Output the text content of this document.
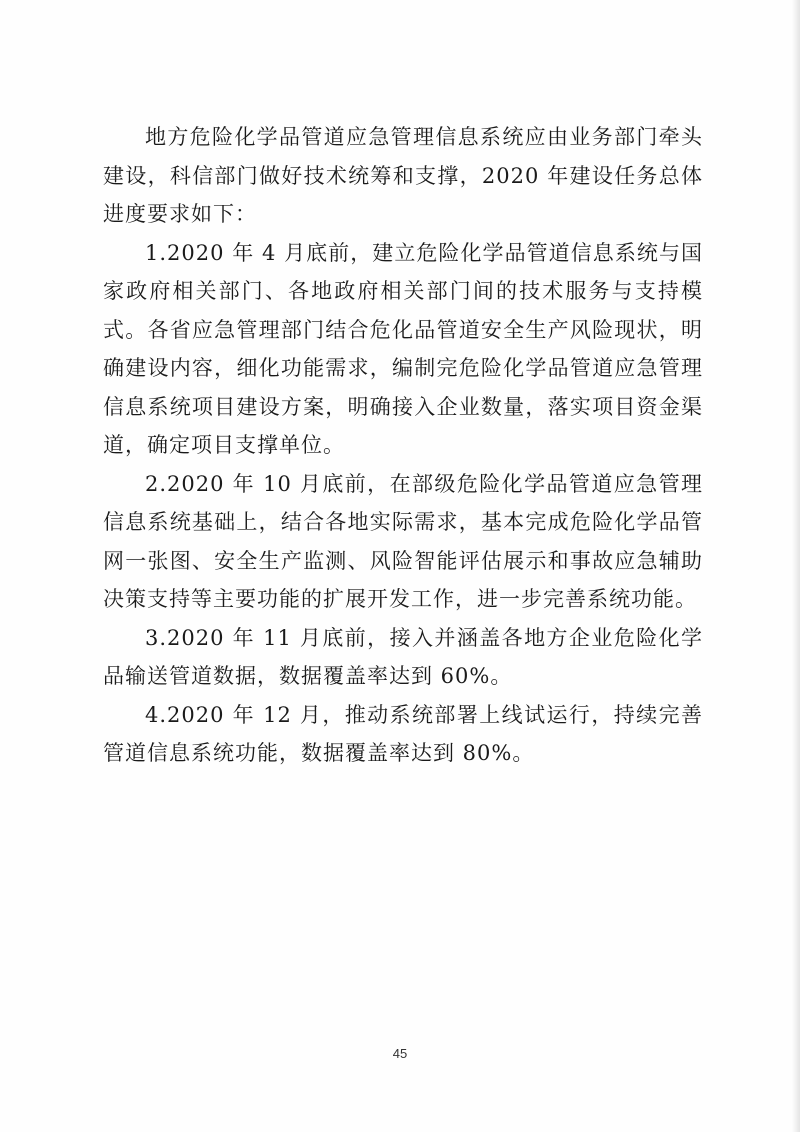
地方危险化学品管道应急管理信息系统应由业务部门牵头建设，科信部门做好技术统筹和支撑，2020 年建设任务总体进度要求如下：

1.2020 年 4 月底前，建立危险化学品管道信息系统与国家政府相关部门、各地政府相关部门间的技术服务与支持模式。各省应急管理部门结合危化品管道安全生产风险现状，明确建设内容，细化功能需求，编制完危险化学品管道应急管理信息系统项目建设方案，明确接入企业数量，落实项目资金渠道，确定项目支撑单位。

2.2020 年 10 月底前，在部级危险化学品管道应急管理信息系统基础上，结合各地实际需求，基本完成危险化学品管网一张图、安全生产监测、风险智能评估展示和事故应急辅助决策支持等主要功能的扩展开发工作，进一步完善系统功能。

3.2020 年 11 月底前，接入并涵盖各地方企业危险化学品输送管道数据，数据覆盖率达到 60%。

4.2020 年 12 月，推动系统部署上线试运行，持续完善管道信息系统功能，数据覆盖率达到 80%。

45
